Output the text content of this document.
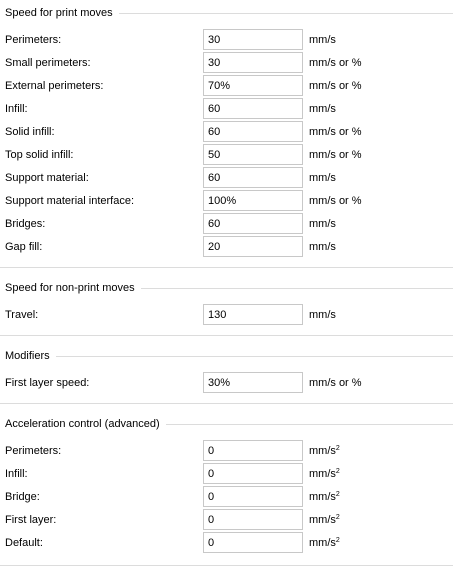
Speed for print moves
Perimeters:
30	mm/s
Small perimeters:
30	mm/s or %
External perimeters:
70%	mm/s or %
Infill:
60	mm/s
Solid infill:
60	mm/s or %
Top solid infill:
50	mm/s or %
Support material:
60	mm/s
Support material interface:
100%	mm/s or %
Bridges:
60	mm/s
Gap fill:
20	mm/s
Speed for non-print moves
Travel:
130	mm/s
Modifiers
First layer speed:
30%	mm/s or %
Acceleration control (advanced)
Perimeters:
0	$mm/s^2$
Infill:
0	$mm/s^2$
Bridge:
0	$mm/s^2$
First layer:
0	$mm/s^2$
Default:
0	$mm/s^2$
